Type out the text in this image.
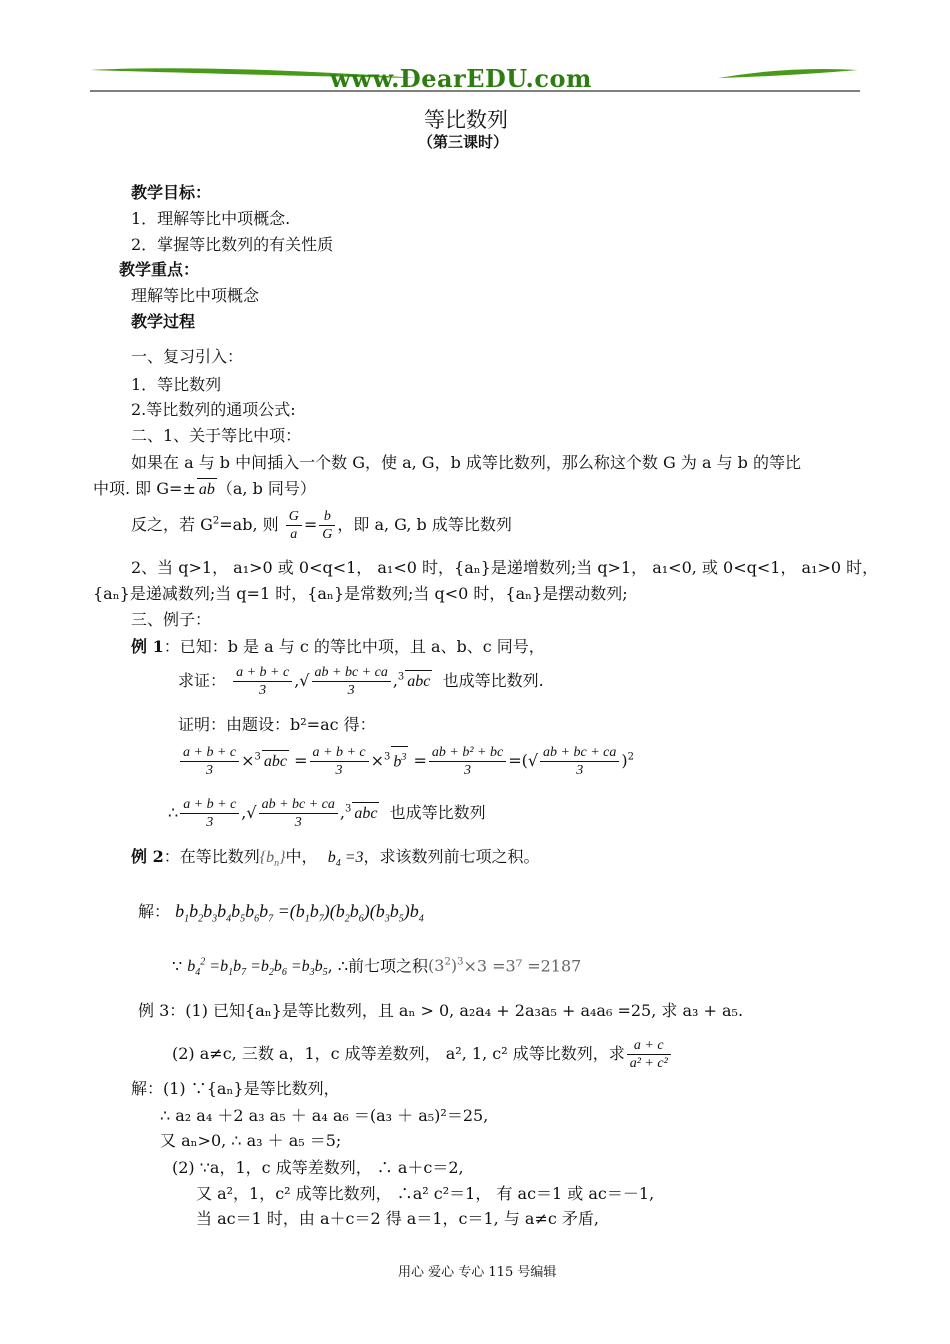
www.DearEDU.com
等比数列
（第三课时）
教学目标：
1．理解等比中项概念.
2．掌握等比数列的有关性质
教学重点：
理解等比中项概念
教学过程
一、复习引入：
1．等比数列
2.等比数列的通项公式:
二、1、关于等比中项：
如果在 a 与 b 中间插入一个数 G，使 a, G，b 成等比数列，那么称这个数 G 为 a 与 b 的等比
中项. 即 G=± ab （a, b 同号）
反之，若 $G^2=ab$, 则 $\frac{G}{a} = \frac{b}{G}$ ，即 a, G, b 成等比数列
2、当 q>1， a₁>0 或 0<q<1， a₁<0 时，{aₙ}是递增数列;当 q>1， a₁<0, 或 0<q<1， a₁>0 时，
{aₙ}是递减数列;当 q=1 时，{aₙ}是常数列;当 q<0 时，{aₙ}是摆动数列;
三、例子：
例 1：已知：b 是 a 与 c 的等比中项，且 a、b、c 同号，
求证： $\frac{a + b + c}{3}$ ,√ $\frac{ab + bc + ca}{3} ,^3$ abc 也成等比数列.
证明：由题设：b²=ac 得：
$\frac{a + b + c}{3} \times^3$ abc = $\frac{a + b + c}{3} \times^3$ $b^3 = \frac{\text{ab + b² + bc}}{3}$ =(√ $\frac{ab + bc + ca}{3} )^2$
∴ $\frac{a + b + c}{3}$ ,√ $\frac{ab + bc + ca}{3} ,^3$ abc 也成等比数列
例 2：在等比数列$\{b_n\}$中， $b_4 =3$，求该数列前七项之积。
解： $b_1b_2b_3b_4b_5b_6b_7 =(b_1b_7)(b_2b_6)(b_3b_5)b_4$
∵ $b_4^2 =b_1b_7 =b_2b_6 =b_3b_5$, ∴前七项之积$(3^2)^3\times 3 =3^7 =2187$
例 3：(1) 已知{aₙ}是等比数列，且 aₙ > 0, a₂a₄ + 2a₃a₅ + a₄a₆ =25, 求 a₃ + a₅.
(2) a≠c, 三数 a，1，c 成等差数列， a², 1, c² 成等比数列，求 $\frac{a + c}{\text{a² + c²}}$
解：(1) ∵{aₙ}是等比数列，
∴ a₂ a₄ ＋2 a₃ a₅ ＋ a₄ a₆ ＝(a₃ ＋ a₅)²＝25,
又 aₙ>0, ∴ a₃ ＋ a₅ ＝5;
(2) ∵a，1，c 成等差数列， ∴ a＋c＝2,
又 a²，1，c² 成等比数列， ∴a² c²＝1， 有 ac＝1 或 ac＝－1,
当 ac＝1 时，由 a＋c＝2 得 a＝1，c＝1, 与 a≠c 矛盾,
用心 爱心 专心 115 号编辑
